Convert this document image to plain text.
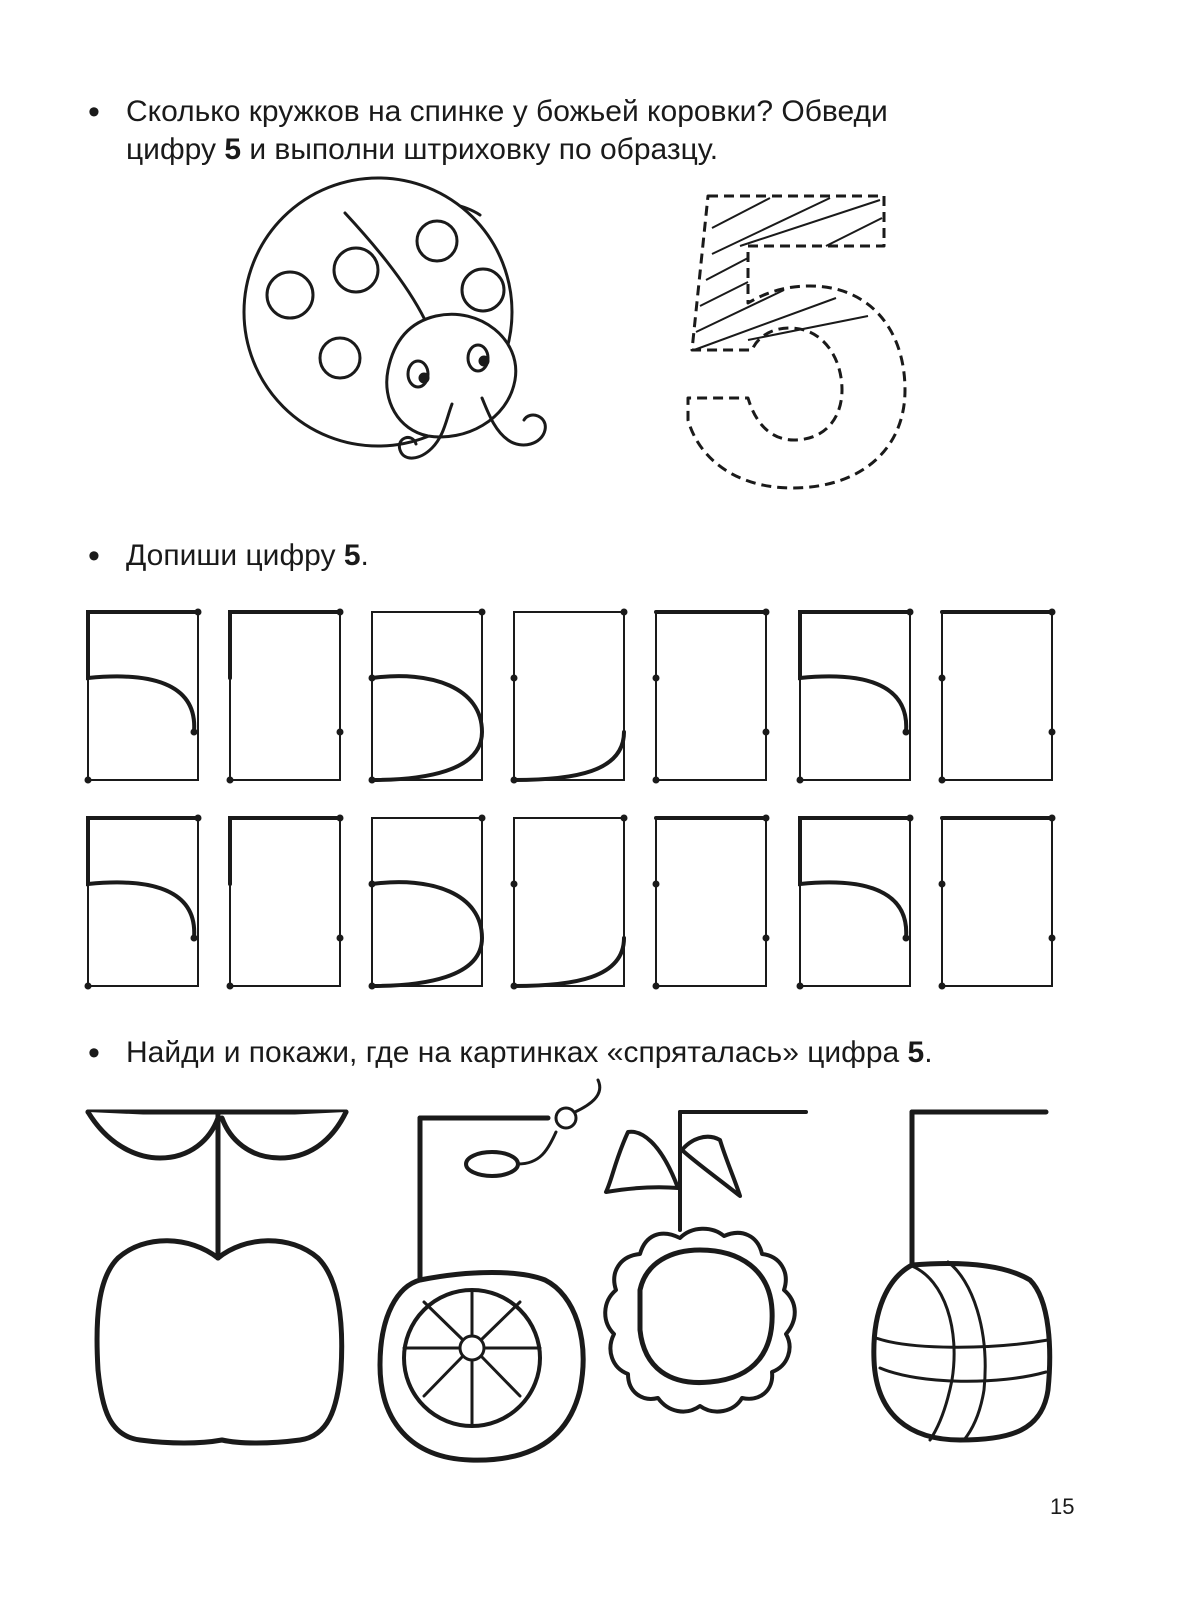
• Сколько кружков на спинке у божьей коровки? Обведи
цифру 5 и выполни штриховку по образцу.
• Допиши цифру 5.
• Найди и покажи, где на картинках «спряталась» цифра 5.
15
